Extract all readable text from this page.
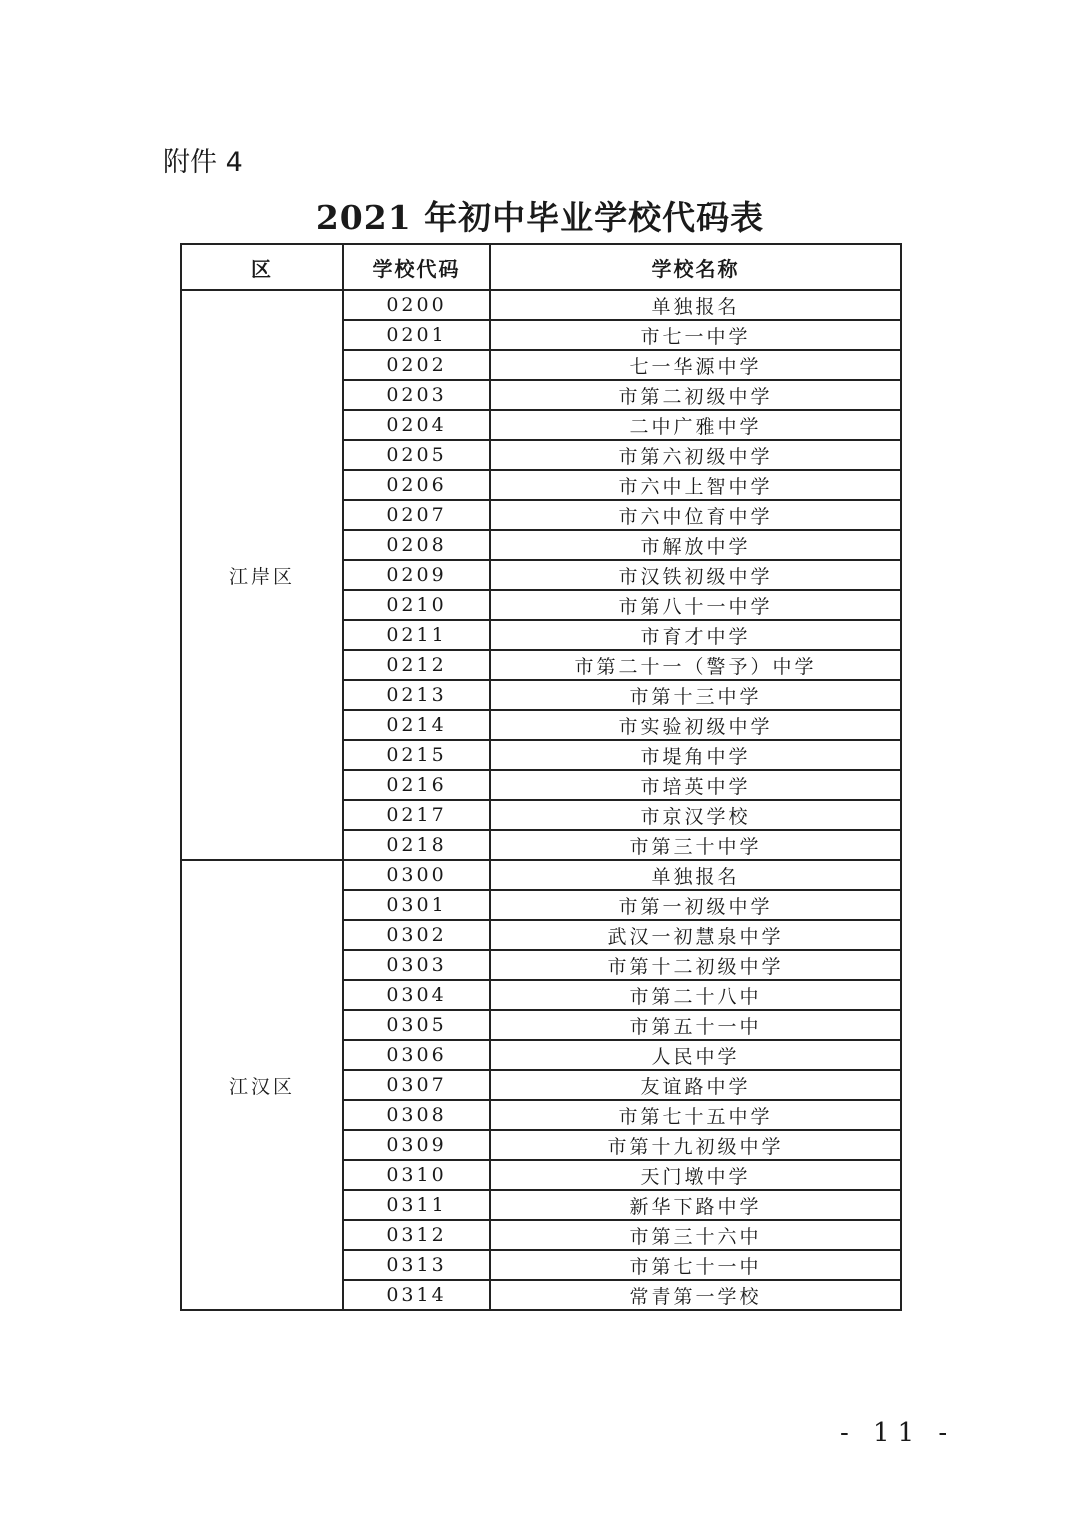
附件 4
2021 年初中毕业学校代码表
区	学校代码	学校名称
江岸区	0200	单独报名
	0201	市七一中学
	0202	七一华源中学
	0203	市第二初级中学
	0204	二中广雅中学
	0205	市第六初级中学
	0206	市六中上智中学
	0207	市六中位育中学
	0208	市解放中学
	0209	市汉铁初级中学
	0210	市第八十一中学
	0211	市育才中学
	0212	市第二十一（警予）中学
	0213	市第十三中学
	0214	市实验初级中学
	0215	市堤角中学
	0216	市培英中学
	0217	市京汉学校
	0218	市第三十中学
江汉区	0300	单独报名
	0301	市第一初级中学
	0302	武汉一初慧泉中学
	0303	市第十二初级中学
	0304	市第二十八中
	0305	市第五十一中
	0306	人民中学
	0307	友谊路中学
	0308	市第七十五中学
	0309	市第十九初级中学
	0310	天门墩中学
	0311	新华下路中学
	0312	市第三十六中
	0313	市第七十一中
	0314	常青第一学校
- 11 -
